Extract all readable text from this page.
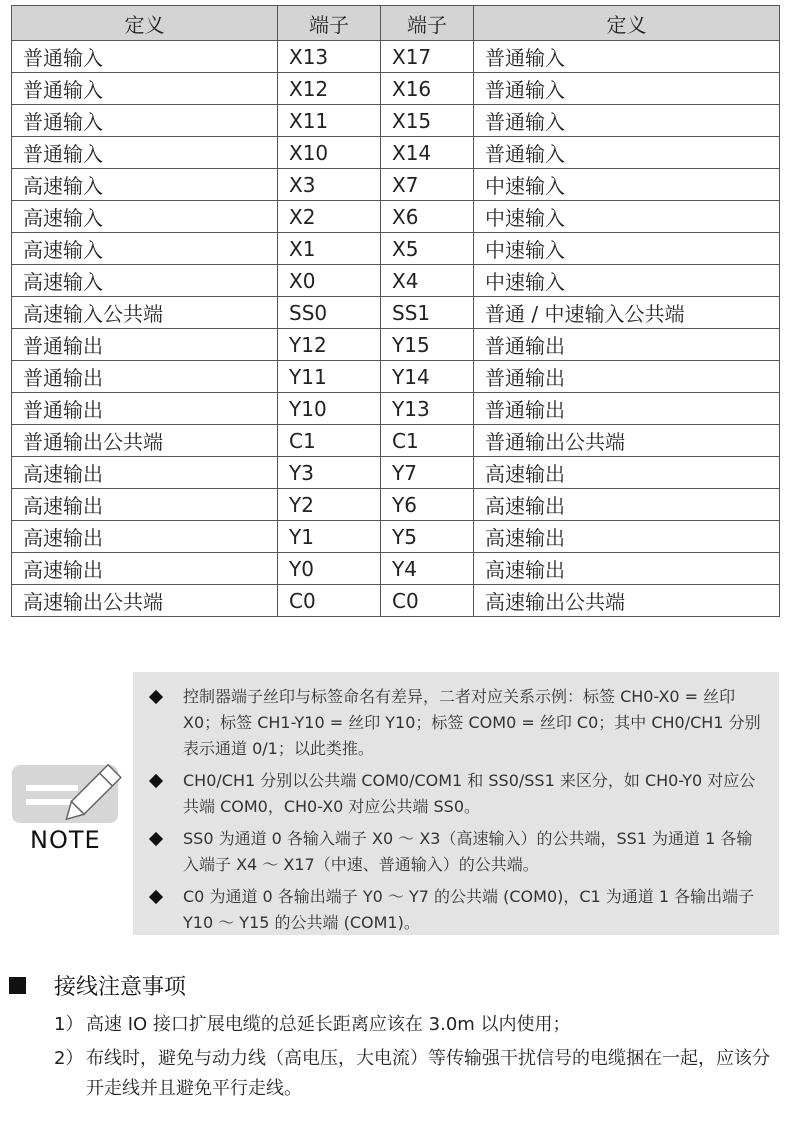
定义	端子	端子	定义
普通输入	X13	X17	普通输入
普通输入	X12	X16	普通输入
普通输入	X11	X15	普通输入
普通输入	X10	X14	普通输入
高速输入	X3	X7	中速输入
高速输入	X2	X6	中速输入
高速输入	X1	X5	中速输入
高速输入	X0	X4	中速输入
高速输入公共端	SS0	SS1	普通 / 中速输入公共端
普通输出	Y12	Y15	普通输出
普通输出	Y11	Y14	普通输出
普通输出	Y10	Y13	普通输出
普通输出公共端	C1	C1	普通输出公共端
高速输出	Y3	Y7	高速输出
高速输出	Y2	Y6	高速输出
高速输出	Y1	Y5	高速输出
高速输出	Y0	Y4	高速输出
高速输出公共端	C0	C0	高速输出公共端
NOTE
控制器端子丝印与标签命名有差异，二者对应关系示例：标签 CH0-X0 = 丝印 X0；标签 CH1-Y10 = 丝印 Y10；标签 COM0 = 丝印 C0；其中 CH0/CH1 分别表示通道 0/1；以此类推。
CH0/CH1 分别以公共端 COM0/COM1 和 SS0/SS1 来区分，如 CH0-Y0 对应公共端 COM0，CH0-X0 对应公共端 SS0。
SS0 为通道 0 各输入端子 X0 ～ X3（高速输入）的公共端，SS1 为通道 1 各输入端子 X4 ～ X17（中速、普通输入）的公共端。
C0 为通道 0 各输出端子 Y0 ～ Y7 的公共端 (COM0)，C1 为通道 1 各输出端子 Y10 ～ Y15 的公共端 (COM1)。
接线注意事项
1） 高速 IO 接口扩展电缆的总延长距离应该在 3.0m 以内使用；
2） 布线时，避免与动力线（高电压，大电流）等传输强干扰信号的电缆捆在一起，应该分开走线并且避免平行走线。
